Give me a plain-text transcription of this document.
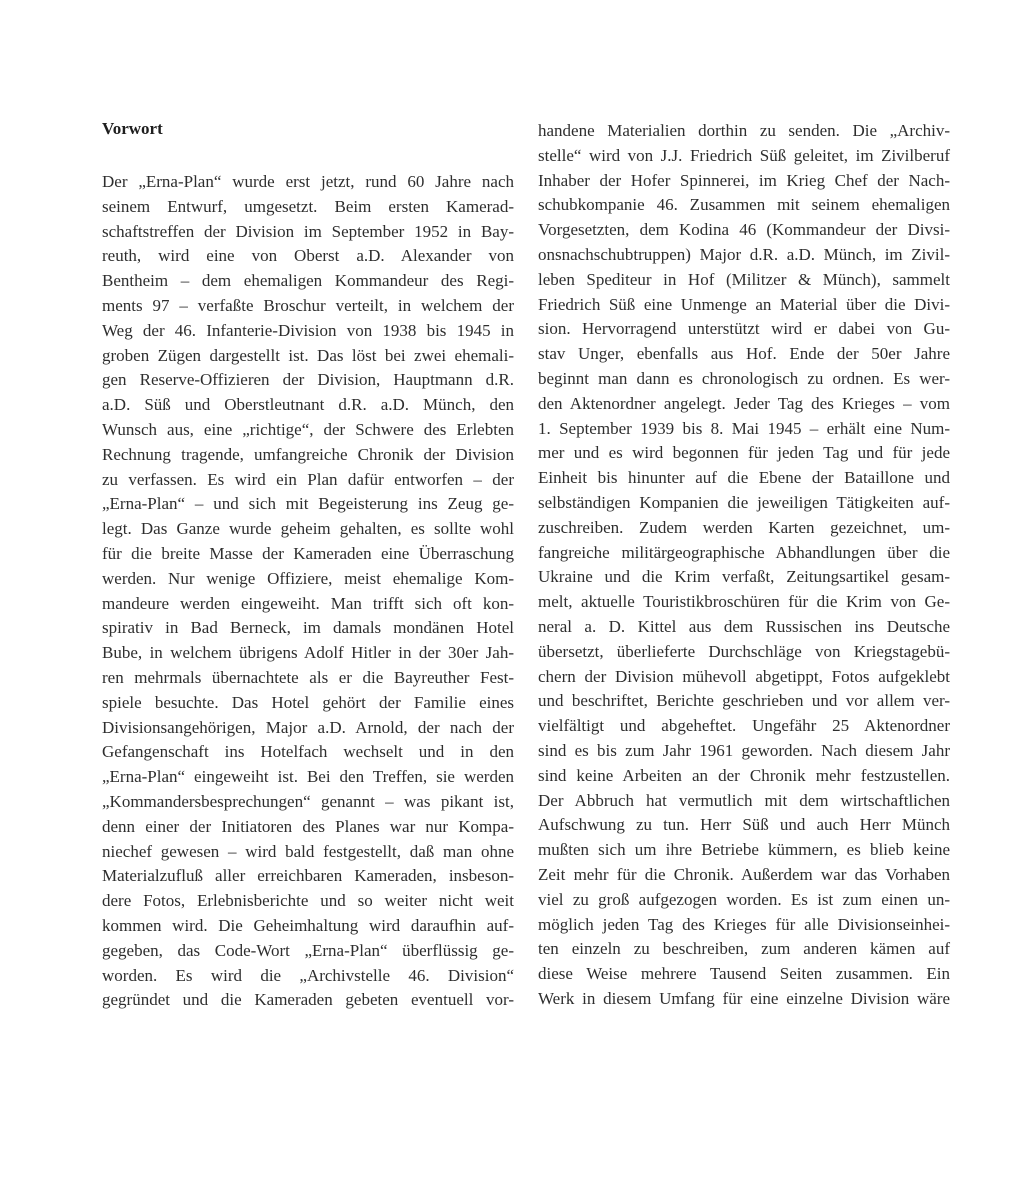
Vorwort
Der „Erna-Plan“ wurde erst jetzt, rund 60 Jahre nach
seinem Entwurf, umgesetzt. Beim ersten Kamerad-
schaftstreffen der Division im September 1952 in Bay-
reuth, wird eine von Oberst a.D. Alexander von
Bentheim – dem ehemaligen Kommandeur des Regi-
ments 97 – verfaßte Broschur verteilt, in welchem der
Weg der 46. Infanterie-Division von 1938 bis 1945 in
groben Zügen dargestellt ist. Das löst bei zwei ehemali-
gen Reserve-Offizieren der Division, Hauptmann d.R.
a.D. Süß und Oberstleutnant d.R. a.D. Münch, den
Wunsch aus, eine „richtige“, der Schwere des Erlebten
Rechnung tragende, umfangreiche Chronik der Division
zu verfassen. Es wird ein Plan dafür entworfen – der
„Erna-Plan“ – und sich mit Begeisterung ins Zeug ge-
legt. Das Ganze wurde geheim gehalten, es sollte wohl
für die breite Masse der Kameraden eine Überraschung
werden. Nur wenige Offiziere, meist ehemalige Kom-
mandeure werden eingeweiht. Man trifft sich oft kon-
spirativ in Bad Berneck, im damals mondänen Hotel
Bube, in welchem übrigens Adolf Hitler in der 30er Jah-
ren mehrmals übernachtete als er die Bayreuther Fest-
spiele besuchte. Das Hotel gehört der Familie eines
Divisionsangehörigen, Major a.D. Arnold, der nach der
Gefangenschaft ins Hotelfach wechselt und in den
„Erna-Plan“ eingeweiht ist. Bei den Treffen, sie werden
„Kommandersbesprechungen“ genannt – was pikant ist,
denn einer der Initiatoren des Planes war nur Kompa-
niechef gewesen – wird bald festgestellt, daß man ohne
Materialzufluß aller erreichbaren Kameraden, insbeson-
dere Fotos, Erlebnisberichte und so weiter nicht weit
kommen wird. Die Geheimhaltung wird daraufhin auf-
gegeben, das Code-Wort „Erna-Plan“ überflüssig ge-
worden. Es wird die „Archivstelle 46. Division“
gegründet und die Kameraden gebeten eventuell vor-
handene Materialien dorthin zu senden. Die „Archiv-
stelle“ wird von J.J. Friedrich Süß geleitet, im Zivilberuf
Inhaber der Hofer Spinnerei, im Krieg Chef der Nach-
schubkompanie 46. Zusammen mit seinem ehemaligen
Vorgesetzten, dem Kodina 46 (Kommandeur der Divsi-
onsnachschubtruppen) Major d.R. a.D. Münch, im Zivil-
leben Spediteur in Hof (Militzer & Münch), sammelt
Friedrich Süß eine Unmenge an Material über die Divi-
sion. Hervorragend unterstützt wird er dabei von Gu-
stav Unger, ebenfalls aus Hof. Ende der 50er Jahre
beginnt man dann es chronologisch zu ordnen. Es wer-
den Aktenordner angelegt. Jeder Tag des Krieges – vom
1. September 1939 bis 8. Mai 1945 – erhält eine Num-
mer und es wird begonnen für jeden Tag und für jede
Einheit bis hinunter auf die Ebene der Bataillone und
selbständigen Kompanien die jeweiligen Tätigkeiten auf-
zuschreiben. Zudem werden Karten gezeichnet, um-
fangreiche militärgeographische Abhandlungen über die
Ukraine und die Krim verfaßt, Zeitungsartikel gesam-
melt, aktuelle Touristikbroschüren für die Krim von Ge-
neral a. D. Kittel aus dem Russischen ins Deutsche
übersetzt, überlieferte Durchschläge von Kriegstagebü-
chern der Division mühevoll abgetippt, Fotos aufgeklebt
und beschriftet, Berichte geschrieben und vor allem ver-
vielfältigt und abgeheftet. Ungefähr 25 Aktenordner
sind es bis zum Jahr 1961 geworden. Nach diesem Jahr
sind keine Arbeiten an der Chronik mehr festzustellen.
Der Abbruch hat vermutlich mit dem wirtschaftlichen
Aufschwung zu tun. Herr Süß und auch Herr Münch
mußten sich um ihre Betriebe kümmern, es blieb keine
Zeit mehr für die Chronik. Außerdem war das Vorhaben
viel zu groß aufgezogen worden. Es ist zum einen un-
möglich jeden Tag des Krieges für alle Divisionseinhei-
ten einzeln zu beschreiben, zum anderen kämen auf
diese Weise mehrere Tausend Seiten zusammen. Ein
Werk in diesem Umfang für eine einzelne Division wäre
